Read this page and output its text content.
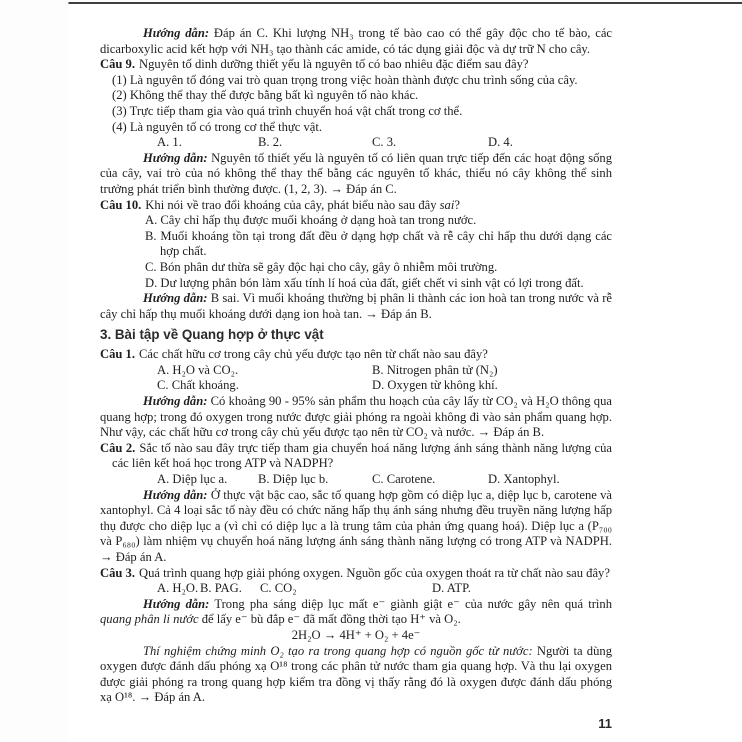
Hướng dẫn: Đáp án C. Khi lượng NH₃ trong tế bào cao có thể gây độc cho tế bào, các dicarboxylic acid kết hợp với NH₃ tạo thành các amide, có tác dụng giải độc và dự trữ N cho cây.

Câu 9. Nguyên tố dinh dưỡng thiết yếu là nguyên tố có bao nhiêu đặc điểm sau đây?

(1) Là nguyên tố đóng vai trò quan trọng trong việc hoàn thành được chu trình sống của cây.
(2) Không thể thay thế được bằng bất kì nguyên tố nào khác.
(3) Trực tiếp tham gia vào quá trình chuyển hoá vật chất trong cơ thể.
(4) Là nguyên tố có trong cơ thể thực vật.
A. 1.	B. 2.	C. 3.	D. 4.

Hướng dẫn: Nguyên tố thiết yếu là nguyên tố có liên quan trực tiếp đến các hoạt động sống của cây, vai trò của nó không thể thay thế bằng các nguyên tố khác, thiếu nó cây không thể sinh trưởng phát triển bình thường được. (1, 2, 3). → Đáp án C.

Câu 10. Khi nói về trao đổi khoáng của cây, phát biểu nào sau đây sai?

A. Cây chỉ hấp thụ được muối khoáng ở dạng hoà tan trong nước.
B. Muối khoáng tồn tại trong đất đều ở dạng hợp chất và rễ cây chỉ hấp thu dưới dạng các hợp chất.
C. Bón phân dư thừa sẽ gây độc hại cho cây, gây ô nhiễm môi trường.
D. Dư lượng phân bón làm xấu tính lí hoá của đất, giết chết vi sinh vật có lợi trong đất.

Hướng dẫn: B sai. Vì muối khoáng thường bị phân li thành các ion hoà tan trong nước và rễ cây chỉ hấp thụ muối khoáng dưới dạng ion hoà tan. → Đáp án B.

3. Bài tập về Quang hợp ở thực vật

Câu 1. Các chất hữu cơ trong cây chủ yếu được tạo nên từ chất nào sau đây?

A. H₂O và CO₂.	B. Nitrogen phân tử (N₂)
C. Chất khoáng.	D. Oxygen từ không khí.

Hướng dẫn: Có khoảng 90 - 95% sản phẩm thu hoạch của cây lấy từ CO₂ và H₂O thông qua quang hợp; trong đó oxygen trong nước được giải phóng ra ngoài không đi vào sản phẩm quang hợp. Như vậy, các chất hữu cơ trong cây chủ yếu được tạo nên từ CO₂ và nước. → Đáp án B.

Câu 2. Sắc tố nào sau đây trực tiếp tham gia chuyển hoá năng lượng ánh sáng thành năng lượng của các liên kết hoá học trong ATP và NADPH?

A. Diệp lục a.	B. Diệp lục b.	C. Carotene.	D. Xantophyl.

Hướng dẫn: Ở thực vật bậc cao, sắc tố quang hợp gồm có diệp lục a, diệp lục b, carotene và xantophyl. Cả 4 loại sắc tố này đều có chức năng hấp thụ ánh sáng nhưng đều truyền năng lượng hấp thụ được cho diệp lục a (vì chỉ có diệp lục a là trung tâm của phản ứng quang hoá). Diệp lục a (P₇₀₀ và P₆₈₀) làm nhiệm vụ chuyển hoá năng lượng ánh sáng thành năng lượng có trong ATP và NADPH. → Đáp án A.

Câu 3. Quá trình quang hợp giải phóng oxygen. Nguồn gốc của oxygen thoát ra từ chất nào sau đây?

A. H₂O. B. PAG.	C. CO₂	D. ATP.

Hướng dẫn: Trong pha sáng diệp lục mất e⁻ giành giật e⁻ của nước gây nên quá trình quang phân li nước để lấy e⁻ bù đắp e⁻ đã mất đồng thời tạo H⁺ và O₂.

2H₂O → 4H⁺ + O₂ + 4e⁻

Thí nghiệm chứng minh O₂ tạo ra trong quang hợp có nguồn gốc từ nước: Người ta dùng oxygen được đánh dấu phóng xạ O¹⁸ trong các phân tử nước tham gia quang hợp. Và thu lại oxygen được giải phóng ra trong quang hợp kiểm tra đồng vị thấy rằng đó là oxygen được đánh dấu phóng xạ O¹⁸. → Đáp án A.

11
